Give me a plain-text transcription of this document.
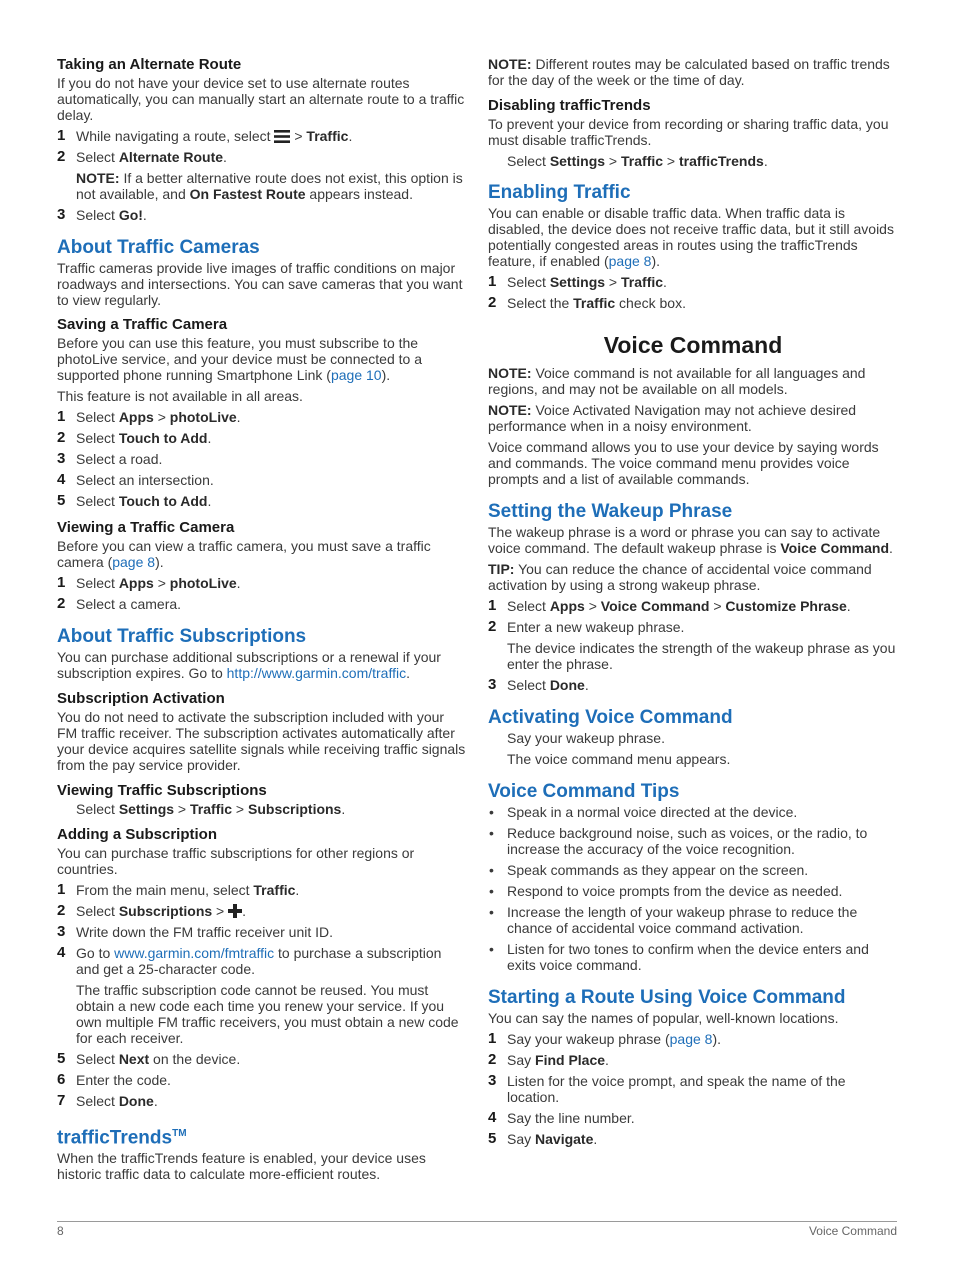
Taking an Alternate Route

If you do not have your device set to use alternate routes automatically, you can manually start an alternate route to a traffic delay.

1 While navigating a route, select  > Traffic.
2 Select Alternate Route.

NOTE: If a better alternative route does not exist, this option is not available, and On Fastest Route appears instead.

3 Select Go!.
About Traffic Cameras

Traffic cameras provide live images of traffic conditions on major roadways and intersections. You can save cameras that you want to view regularly.

Saving a Traffic Camera

Before you can use this feature, you must subscribe to the photoLive service, and your device must be connected to a supported phone running Smartphone Link (page 10).

This feature is not available in all areas.

1 Select Apps > photoLive.
2 Select Touch to Add.
3 Select a road.
4 Select an intersection.
5 Select Touch to Add.
Viewing a Traffic Camera

Before you can view a traffic camera, you must save a traffic camera (page 8).

1 Select Apps > photoLive.
2 Select a camera.
About Traffic Subscriptions

You can purchase additional subscriptions or a renewal if your subscription expires. Go to http://www.garmin.com/traffic.

Subscription Activation

You do not need to activate the subscription included with your FM traffic receiver. The subscription activates automatically after your device acquires satellite signals while receiving traffic signals from the pay service provider.

Viewing Traffic Subscriptions

Select Settings > Traffic > Subscriptions.

Adding a Subscription

You can purchase traffic subscriptions for other regions or countries.

1 From the main menu, select Traffic.
2 Select Subscriptions > .
3 Write down the FM traffic receiver unit ID.
4 Go to www.garmin.com/fmtraffic to purchase a subscription and get a 25-character code.

The traffic subscription code cannot be reused. You must obtain a new code each time you renew your service. If you own multiple FM traffic receivers, you must obtain a new code for each receiver.

5 Select Next on the device.
6 Enter the code.
7 Select Done.
trafficTrends™

When the trafficTrends feature is enabled, your device uses historic traffic data to calculate more-efficient routes.

NOTE: Different routes may be calculated based on traffic trends for the day of the week or the time of day.

Disabling trafficTrends

To prevent your device from recording or sharing traffic data, you must disable trafficTrends.

Select Settings > Traffic > trafficTrends.

Enabling Traffic

You can enable or disable traffic data. When traffic data is disabled, the device does not receive traffic data, but it still avoids potentially congested areas in routes using the trafficTrends feature, if enabled (page 8).

1 Select Settings > Traffic.
2 Select the Traffic check box.
Voice Command

NOTE: Voice command is not available for all languages and regions, and may not be available on all models.

NOTE: Voice Activated Navigation may not achieve desired performance when in a noisy environment.

Voice command allows you to use your device by saying words and commands. The voice command menu provides voice prompts and a list of available commands.

Setting the Wakeup Phrase

The wakeup phrase is a word or phrase you can say to activate voice command. The default wakeup phrase is Voice Command.

TIP: You can reduce the chance of accidental voice command activation by using a strong wakeup phrase.

1 Select Apps > Voice Command > Customize Phrase.
2 Enter a new wakeup phrase.

The device indicates the strength of the wakeup phrase as you enter the phrase.

3 Select Done.
Activating Voice Command

Say your wakeup phrase.

The voice command menu appears.

Voice Command Tips
• Speak in a normal voice directed at the device.
• Reduce background noise, such as voices, or the radio, to increase the accuracy of the voice recognition.
• Speak commands as they appear on the screen.
• Respond to voice prompts from the device as needed.
• Increase the length of your wakeup phrase to reduce the chance of accidental voice command activation.
• Listen for two tones to confirm when the device enters and exits voice command.
Starting a Route Using Voice Command

You can say the names of popular, well-known locations.

1 Say your wakeup phrase (page 8).
2 Say Find Place.
3 Listen for the voice prompt, and speak the name of the location.
4 Say the line number.
5 Say Navigate.
8	Voice Command
